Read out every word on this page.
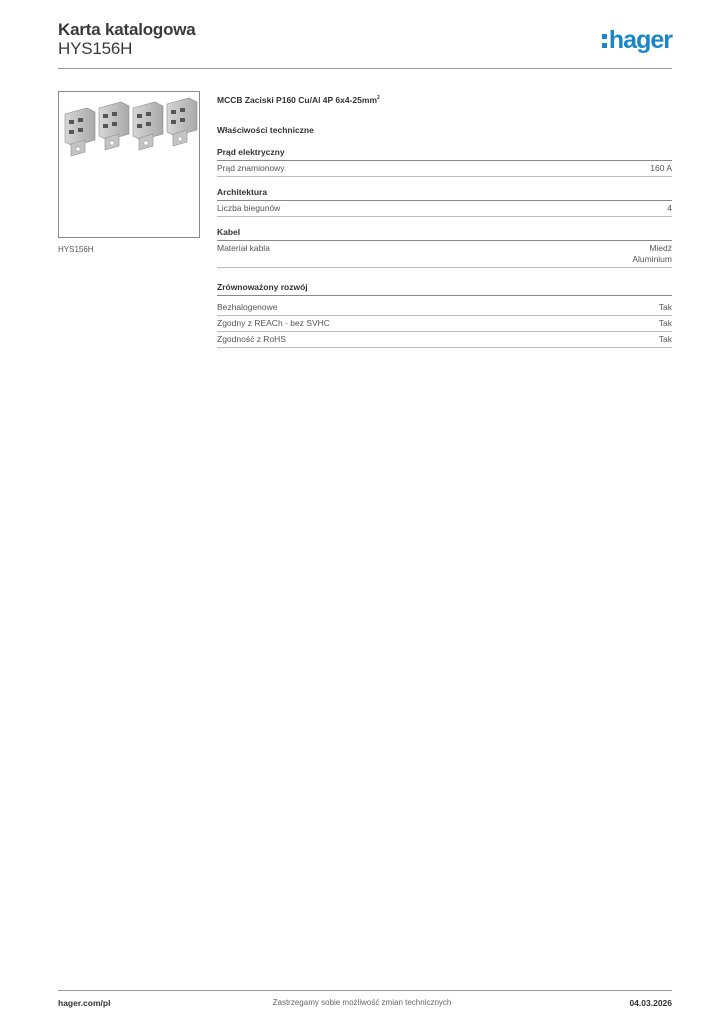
Karta katalogowa
HYS156H	hager
HYS156H
MCCB Zaciski P160 Cu/Al 4P $6x4-25mm^2$
Właściwości techniczne
Prąd elektryczny
Prąd znamionowy	160 A
Architektura
Liczba biegunów	4
Kabel
Materiał kabla	Miedź
Aluminium
Zrównoważony rozwój
Bezhalogenowe	Tak
Zgodny z REACh - bez SVHC	Tak
Zgodność z RoHS	Tak
hager.com/pl	Zastrzegamy sobie możliwość zmian technicznych	04.03.2026
